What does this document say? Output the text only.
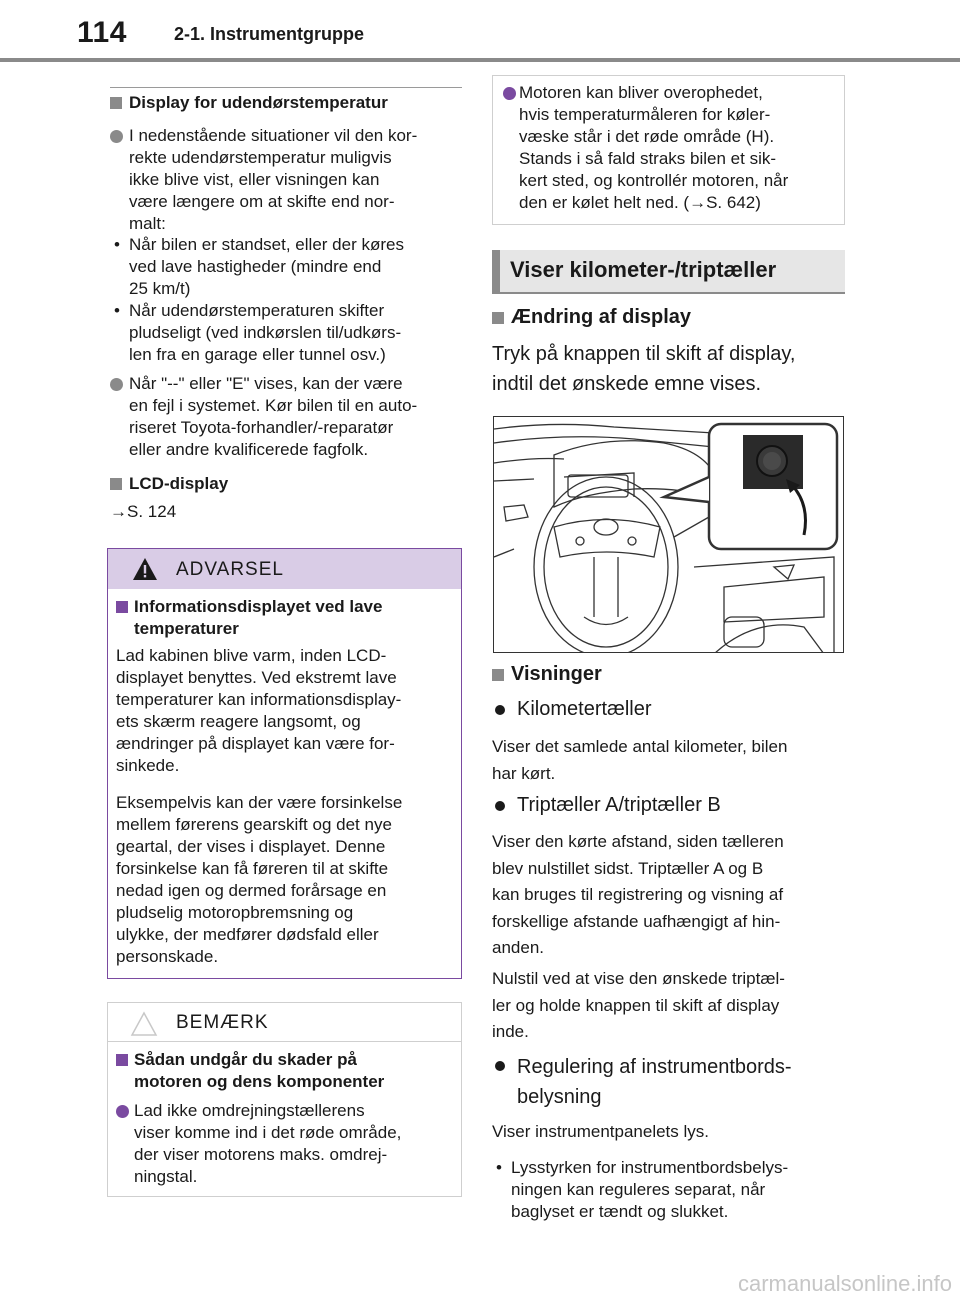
114	2-1. Instrumentgruppe
Display for udendørstemperatur
I nedenstående situationer vil den kor-
rekte udendørstemperatur muligvis
ikke blive vist, eller visningen kan
være længere om at skifte end nor-
malt:
• Når bilen er standset, eller der køres
ved lave hastigheder (mindre end
25 km/t)
• Når udendørstemperaturen skifter
pludseligt (ved indkørslen til/udkørs-
len fra en garage eller tunnel osv.)
Når "--" eller "E" vises, kan der være
en fejl i systemet. Kør bilen til en auto-
riseret Toyota-forhandler/-reparatør
eller andre kvalificerede fagfolk.
LCD-display
→S. 124
ADVARSEL
Informationsdisplayet ved lave
temperaturer
Lad kabinen blive varm, inden LCD-
displayet benyttes. Ved ekstremt lave
temperaturer kan informationsdisplay-
ets skærm reagere langsomt, og
ændringer på displayet kan være for-
sinkede.
Eksempelvis kan der være forsinkelse
mellem førerens gearskift og det nye
geartal, der vises i displayet. Denne
forsinkelse kan få føreren til at skifte
nedad igen og dermed forårsage en
pludselig motoropbremsning og
ulykke, der medfører dødsfald eller
personskade.
BEMÆRK
Sådan undgår du skader på
motoren og dens komponenter
Lad ikke omdrejningstællerens
viser komme ind i det røde område,
der viser motorens maks. omdrej-
ningstal.
Motoren kan bliver overophedet,
hvis temperaturmåleren for køler-
væske står i det røde område (H).
Stands i så fald straks bilen et sik-
kert sted, og kontrollér motoren, når
den er kølet helt ned. (→S. 642)
Viser kilometer-/triptæller
Ændring af display
Tryk på knappen til skift af display,
indtil det ønskede emne vises.
Visninger
Kilometertæller
Viser det samlede antal kilometer, bilen
har kørt.
Triptæller A/triptæller B
Viser den kørte afstand, siden tælleren
blev nulstillet sidst. Triptæller A og B
kan bruges til registrering og visning af
forskellige afstande uafhængigt af hin-
anden.
Nulstil ved at vise den ønskede triptæl-
ler og holde knappen til skift af display
inde.
Regulering af instrumentbords-
belysning
Viser instrumentpanelets lys.
• Lysstyrken for instrumentbordsbelys-
ningen kan reguleres separat, når
baglyset er tændt og slukket.
carmanualsonline.info
